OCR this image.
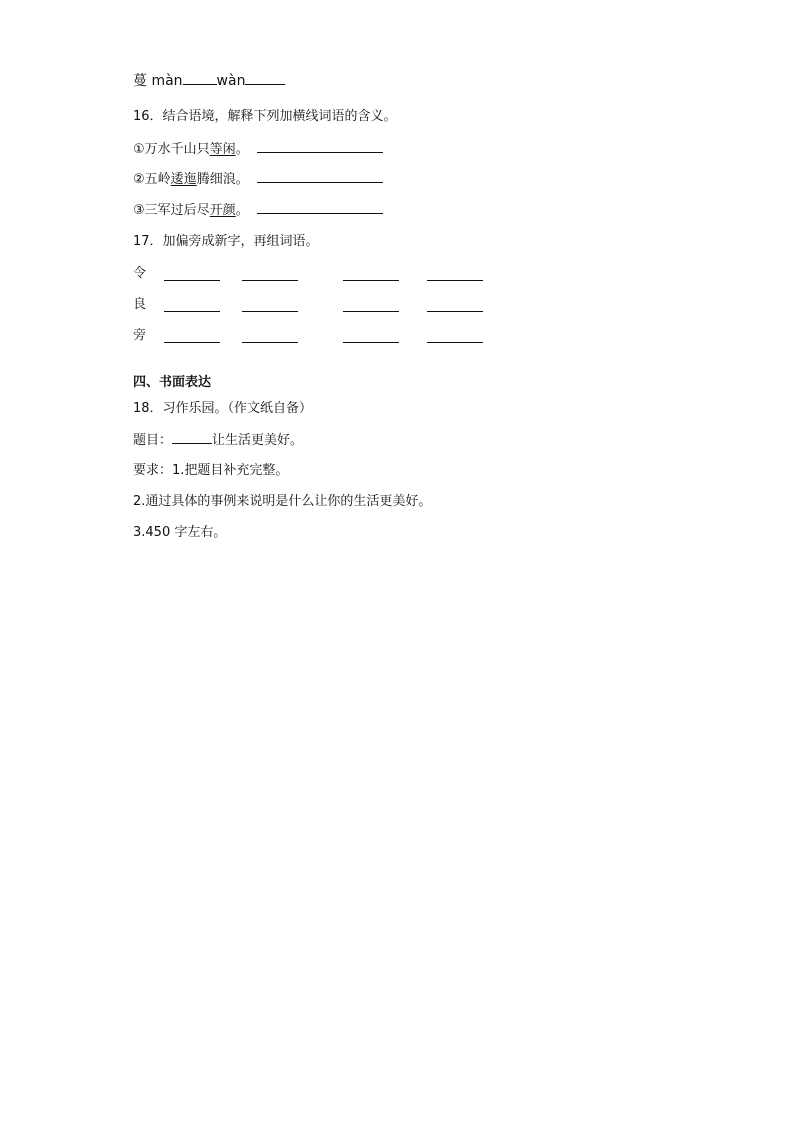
蔓 màn wàn
16．结合语境，解释下列加横线词语的含义。
①万水千山只等闲。
②五岭逶迤腾细浪。
③三军过后尽开颜。
17．加偏旁成新字，再组词语。
令
良
旁
四、书面表达
18．习作乐园。（作文纸自备）
题目：	让生活更美好。
要求：1.把题目补充完整。
2.通过具体的事例来说明是什么让你的生活更美好。
3.450 字左右。
